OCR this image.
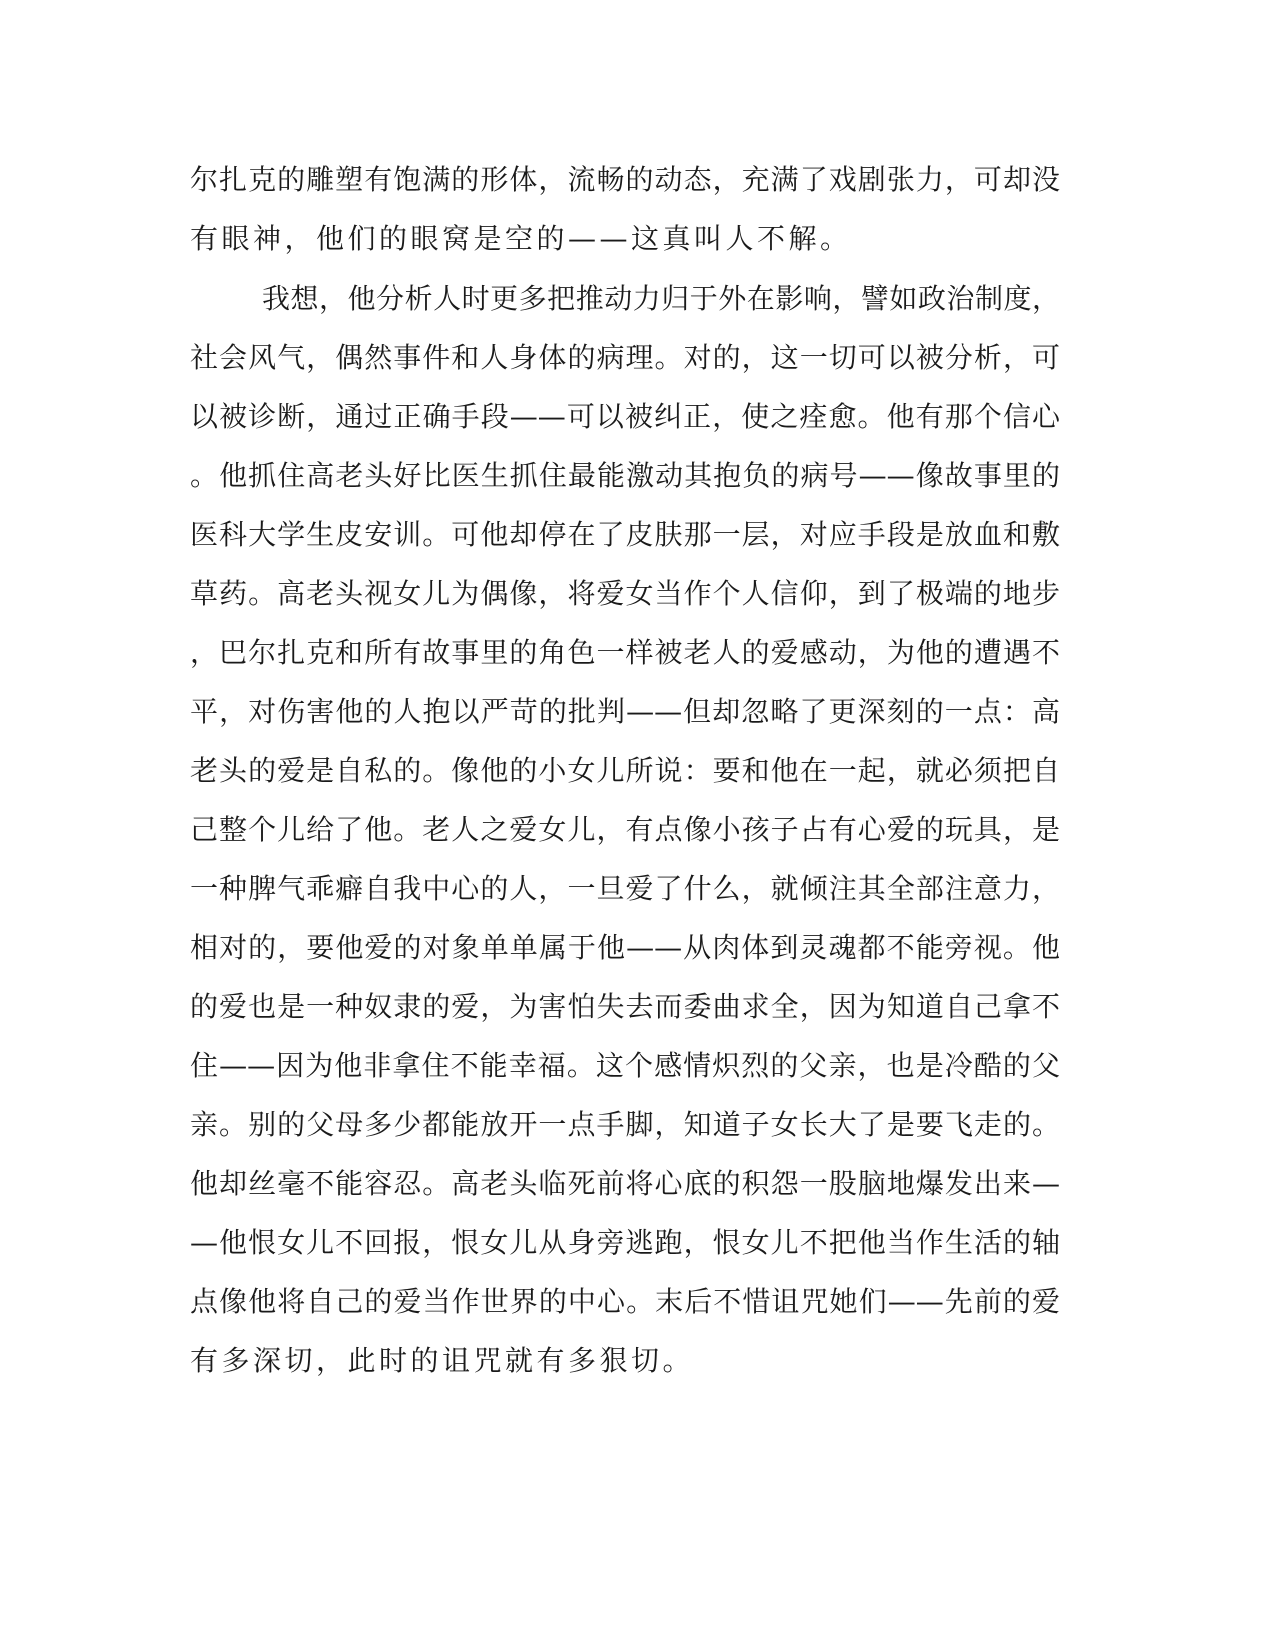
尔扎克的雕塑有饱满的形体，流畅的动态，充满了戏剧张力，可却没
有眼神，他们的眼窝是空的——这真叫人不解。
我想，他分析人时更多把推动力归于外在影响，譬如政治制度，
社会风气，偶然事件和人身体的病理。对的，这一切可以被分析，可
以被诊断，通过正确手段——可以被纠正，使之痊愈。他有那个信心
。他抓住高老头好比医生抓住最能激动其抱负的病号——像故事里的
医科大学生皮安训。可他却停在了皮肤那一层，对应手段是放血和敷
草药。高老头视女儿为偶像，将爱女当作个人信仰，到了极端的地步
，巴尔扎克和所有故事里的角色一样被老人的爱感动，为他的遭遇不
平，对伤害他的人抱以严苛的批判——但却忽略了更深刻的一点：高
老头的爱是自私的。像他的小女儿所说：要和他在一起，就必须把自
己整个儿给了他。老人之爱女儿，有点像小孩子占有心爱的玩具，是
一种脾气乖癖自我中心的人，一旦爱了什么，就倾注其全部注意力，
相对的，要他爱的对象单单属于他——从肉体到灵魂都不能旁视。他
的爱也是一种奴隶的爱，为害怕失去而委曲求全，因为知道自己拿不
住——因为他非拿住不能幸福。这个感情炽烈的父亲，也是冷酷的父
亲。别的父母多少都能放开一点手脚，知道子女长大了是要飞走的。
他却丝毫不能容忍。高老头临死前将心底的积怨一股脑地爆发出来—
—他恨女儿不回报，恨女儿从身旁逃跑，恨女儿不把他当作生活的轴
点像他将自己的爱当作世界的中心。末后不惜诅咒她们——先前的爱
有多深切，此时的诅咒就有多狠切。
